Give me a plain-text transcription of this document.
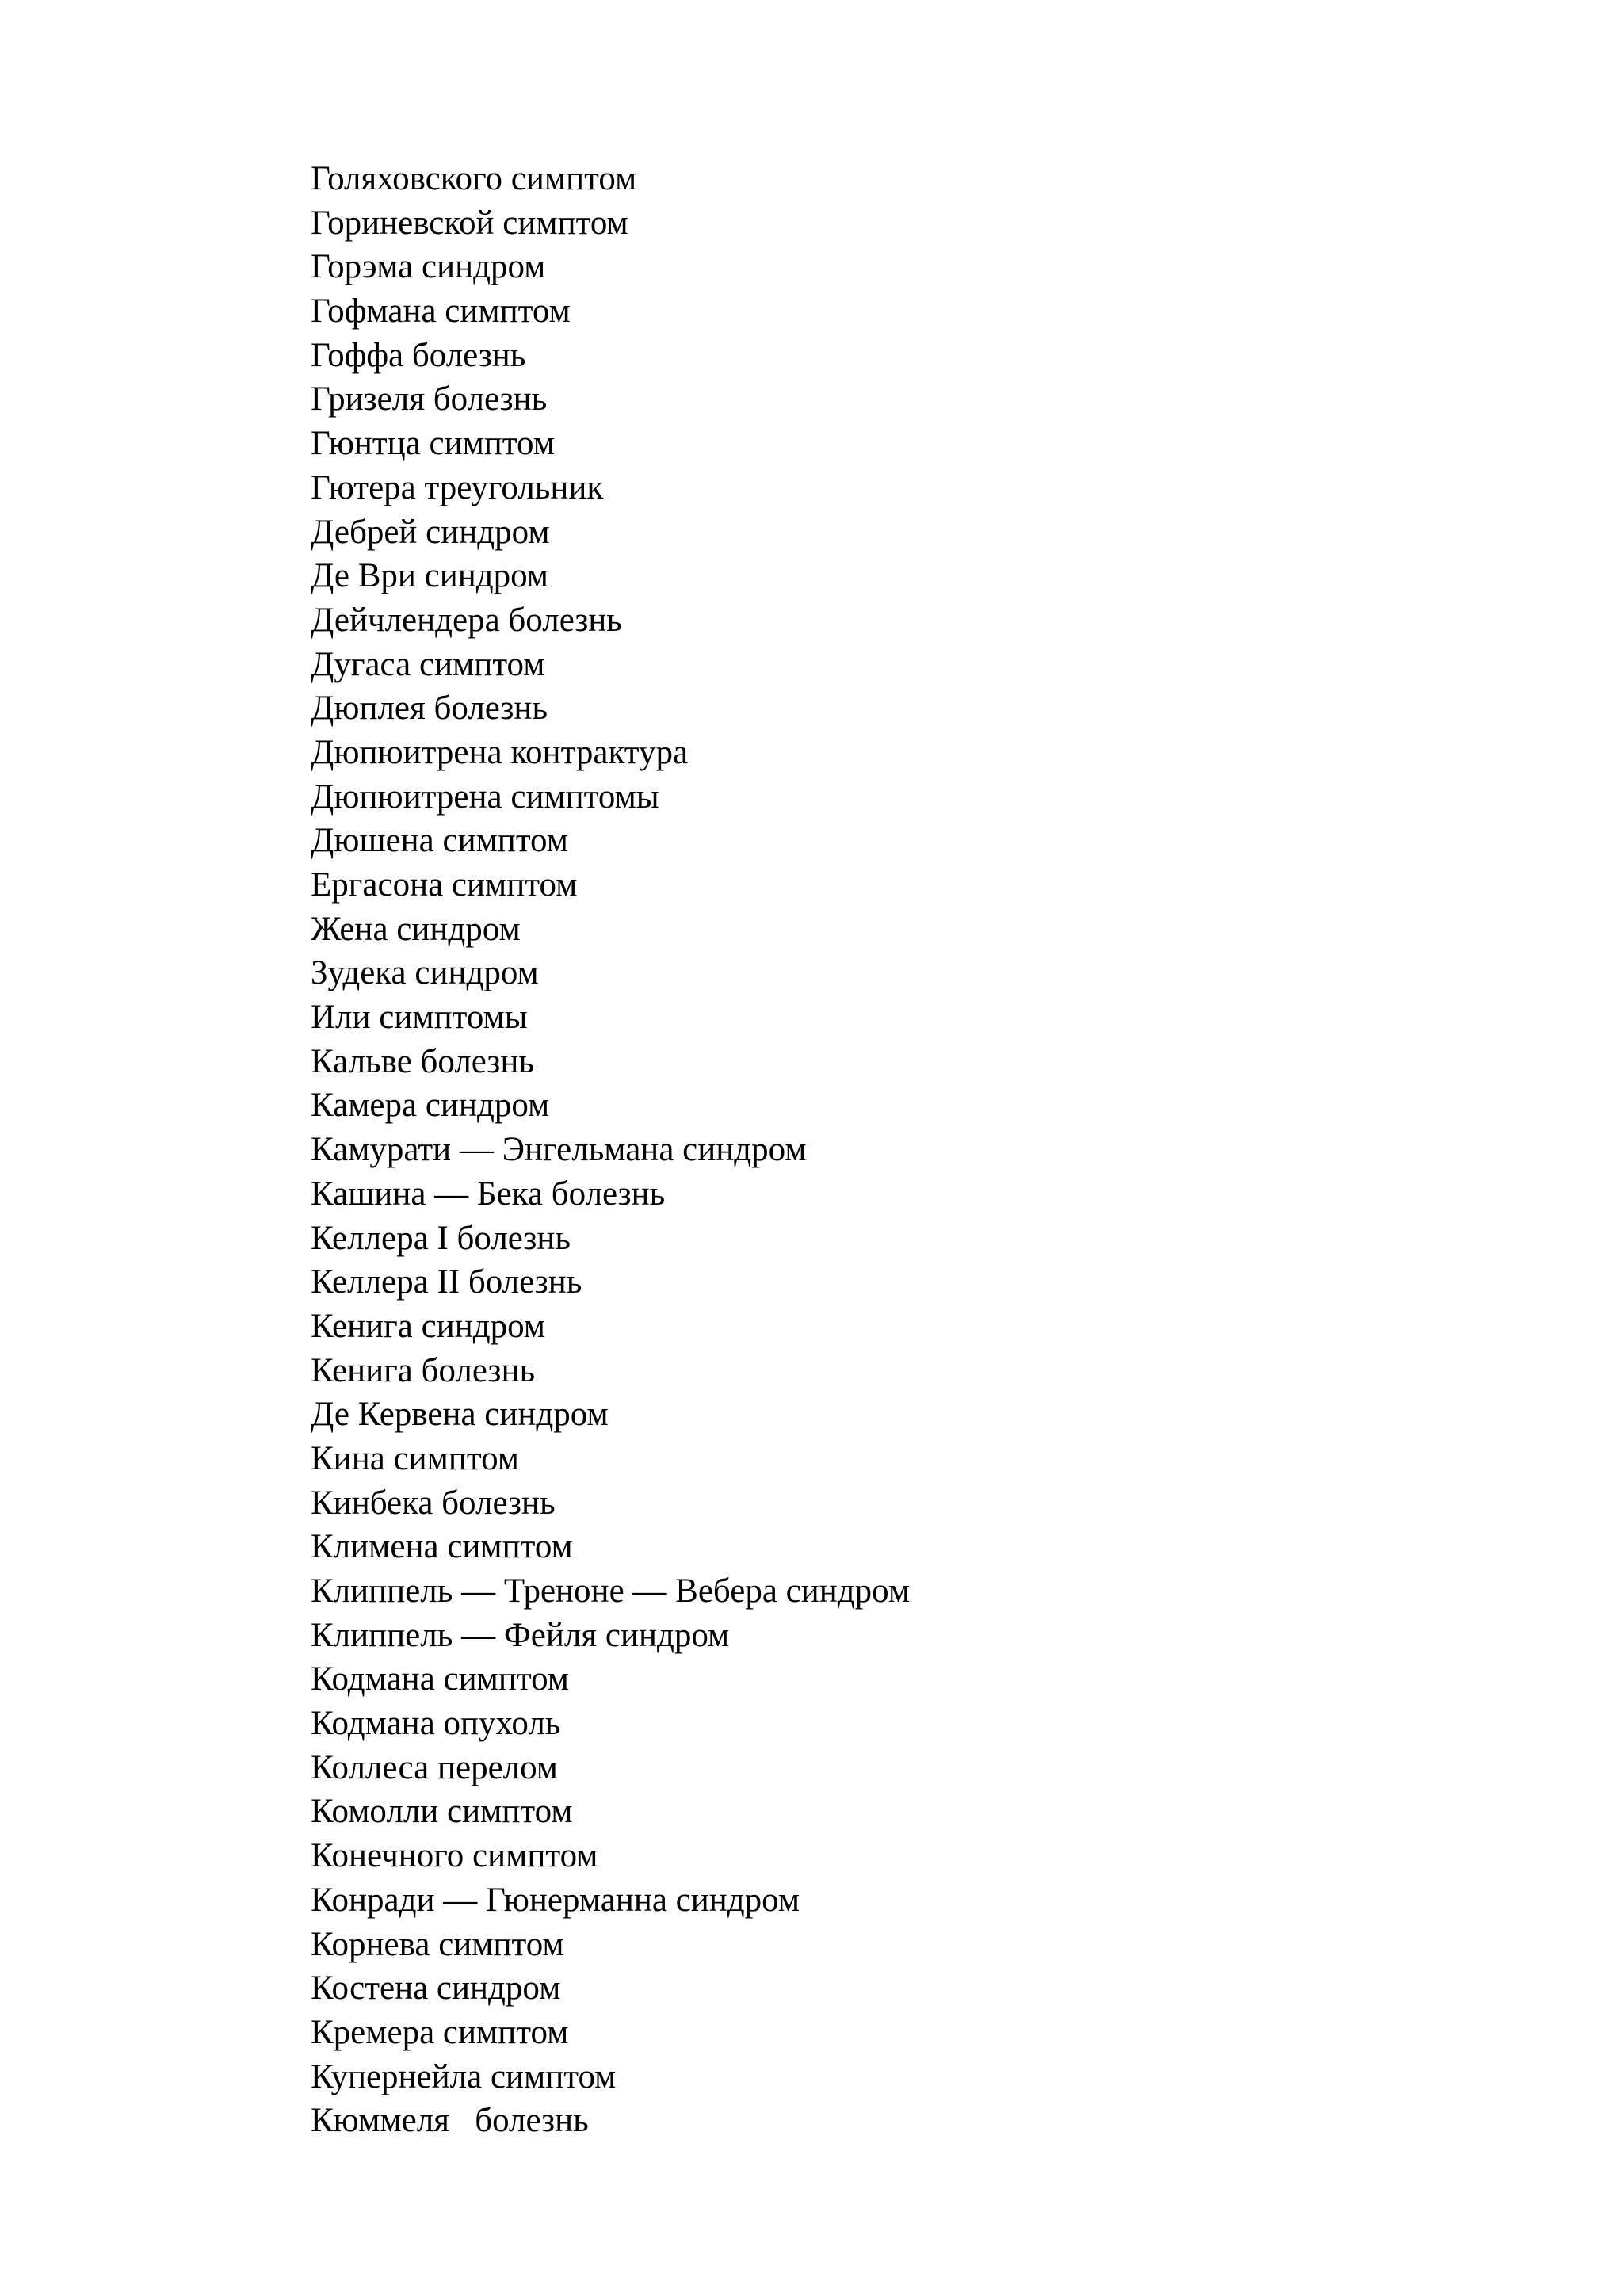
Голяховского симптом
Гориневской симптом
Горэма синдром
Гофмана симптом
Гоффа болезнь
Гризеля болезнь
Гюнтца симптом
Гютера треугольник
Дебрей синдром
Де Ври синдром
Дейчлендера болезнь
Дугаса симптом
Дюплея болезнь
Дюпюитрена контрактура
Дюпюитрена симптомы
Дюшена симптом
Ергасона симптом
Жена синдром
Зудека синдром
Или симптомы
Кальве болезнь
Камера синдром
Камурати — Энгельмана синдром
Кашина — Бека болезнь
Келлера I болезнь
Келлера II болезнь
Кенига синдром
Кенига болезнь
Де Кервена синдром
Кина симптом
Кинбека болезнь
Климена симптом
Клиппель — Треноне — Вебера синдром
Клиппель — Фейля синдром
Кодмана симптом
Кодмана опухоль
Коллеса перелом
Комолли симптом
Конечного симптом
Конради — Гюнерманна синдром
Корнева симптом
Костена синдром
Кремера симптом
Купернейла симптом
Кюммеля   болезнь
